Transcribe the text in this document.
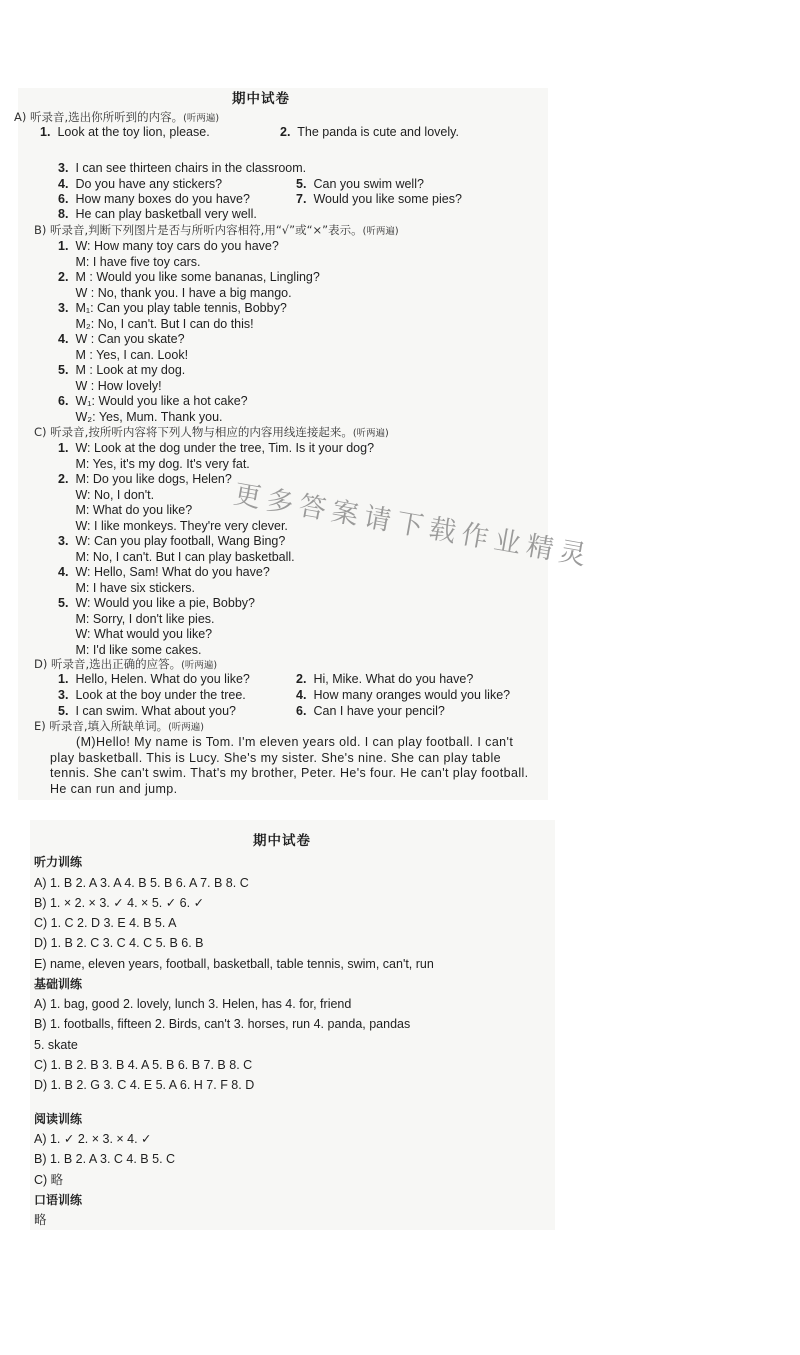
期中试卷
A) 听录音,选出你所听到的内容。(听两遍)
1. Look at the toy lion, please.	2. The panda is cute and lovely.
3. I can see thirteen chairs in the classroom.
4. Do you have any stickers?	5. Can you swim well?
6. How many boxes do you have?	7. Would you like some pies?
8. He can play basketball very well.
B) 听录音,判断下列图片是否与所听内容相符,用“√”或“×”表示。(听两遍)
1. W: How many toy cars do you have?
M: I have five toy cars.
2. M : Would you like some bananas, Lingling?
W : No, thank you. I have a big mango.
3. M₁: Can you play table tennis, Bobby?
M₂: No, I can't. But I can do this!
4. W : Can you skate?
M : Yes, I can. Look!
5. M : Look at my dog.
W : How lovely!
6. W₁: Would you like a hot cake?
W₂: Yes, Mum. Thank you.
C) 听录音,按所听内容将下列人物与相应的内容用线连接起来。(听两遍)
1. W: Look at the dog under the tree, Tim. Is it your dog?
M: Yes, it's my dog. It's very fat.
2. M: Do you like dogs, Helen?
W: No, I don't.
M: What do you like?
W: I like monkeys. They're very clever.
3. W: Can you play football, Wang Bing?
M: No, I can't. But I can play basketball.
4. W: Hello, Sam! What do you have?
M: I have six stickers.
5. W: Would you like a pie, Bobby?
M: Sorry, I don't like pies.
W: What would you like?
M: I'd like some cakes.
D) 听录音,选出正确的应答。(听两遍)
1. Hello, Helen. What do you like?	2. Hi, Mike. What do you have?
3. Look at the boy under the tree.	4. How many oranges would you like?
5. I can swim. What about you?	6. Can I have your pencil?
E) 听录音,填入所缺单词。(听两遍)
(M)Hello! My name is Tom. I'm eleven years old. I can play football. I can't play basketball. This is Lucy. She's my sister. She's nine. She can play table tennis. She can't swim. That's my brother, Peter. He's four. He can't play football. He can run and jump.
更多答案请下载作业精灵
期中试卷
听力训练
A) 1. B 2. A 3. A 4. B 5. B 6. A 7. B 8. C
B) 1. × 2. × 3. ✓ 4. × 5. ✓ 6. ✓
C) 1. C 2. D 3. E 4. B 5. A
D) 1. B 2. C 3. C 4. C 5. B 6. B
E) name, eleven years, football, basketball, table tennis, swim, can't, run
基础训练
A) 1. bag, good 2. lovely, lunch 3. Helen, has 4. for, friend
B) 1. footballs, fifteen 2. Birds, can't 3. horses, run 4. panda, pandas
5. skate
C) 1. B 2. B 3. B 4. A 5. B 6. B 7. B 8. C
D) 1. B 2. G 3. C 4. E 5. A 6. H 7. F 8. D
阅读训练
A) 1. ✓ 2. × 3. × 4. ✓
B) 1. B 2. A 3. C 4. B 5. C
C) 略
口语训练
略
